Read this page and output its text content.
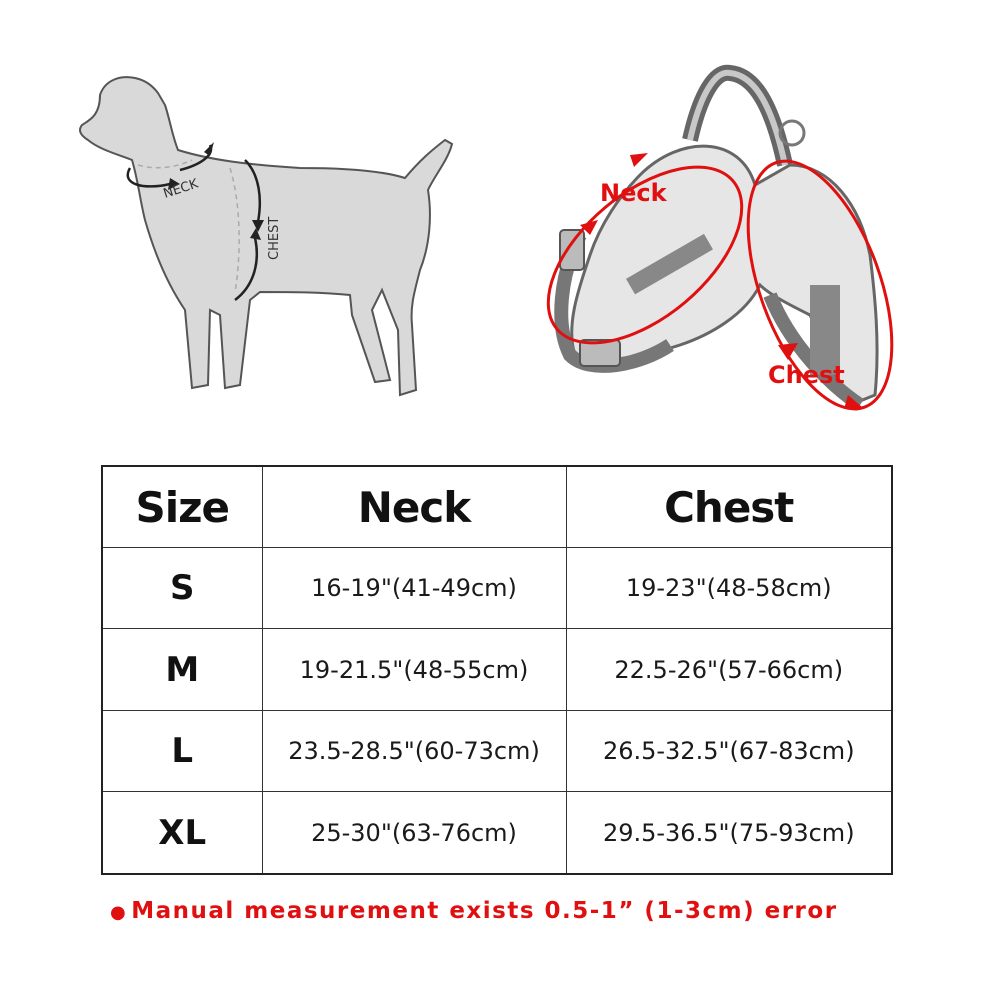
NECK
CHEST
Neck
Chest
Size	Neck	Chest
S	16-19"(41-49cm)	19-23"(48-58cm)
M	19-21.5"(48-55cm)	22.5-26"(57-66cm)
L	23.5-28.5"(60-73cm)	26.5-32.5"(67-83cm)
XL	25-30"(63-76cm)	29.5-36.5"(75-93cm)
● Manual measurement exists 0.5-1” (1-3cm) error
